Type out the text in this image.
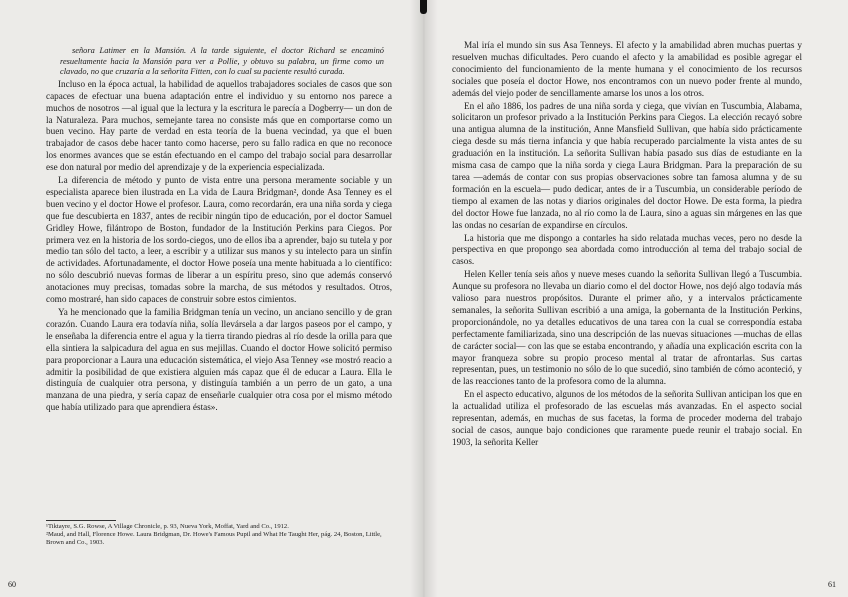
señora Latimer en la Mansión. A la tarde siguiente, el doctor Richard se encaminó resueltamente hacia la Mansión para ver a Pollie, y obtuvo su palabra, un firme como un clavado, no que cruzaría a la señorita Fitten, con lo cual su paciente resultó curada.

Incluso en la época actual, la habilidad de aquellos trabajadores sociales de casos que son capaces de efectuar una buena adaptación entre el individuo y su entorno nos parece a muchos de nosotros —al igual que la lectura y la escritura le parecía a Dogberry— un don de la Naturaleza. Para muchos, semejante tarea no consiste más que en comportarse como un buen vecino. Hay parte de verdad en esta teoría de la buena vecindad, ya que el buen trabajador de casos debe hacer tanto como hacerse, pero su fallo radica en que no reconoce los enormes avances que se están efectuando en el campo del trabajo social para desarrollar ese don natural por medio del aprendizaje y de la experiencia especializada.

La diferencia de método y punto de vista entre una persona meramente sociable y un especialista aparece bien ilustrada en La vida de Laura Bridgman², donde Asa Tenney es el buen vecino y el doctor Howe el profesor. Laura, como recordarán, era una niña sorda y ciega que fue descubierta en 1837, antes de recibir ningún tipo de educación, por el doctor Samuel Gridley Howe, filántropo de Boston, fundador de la Institución Perkins para Ciegos. Por primera vez en la historia de los sordo-ciegos, uno de ellos iba a aprender, bajo su tutela y por medio tan sólo del tacto, a leer, a escribir y a utilizar sus manos y su intelecto para un sinfín de actividades. Afortunadamente, el doctor Howe poseía una mente habituada a lo científico: no sólo descubrió nuevas formas de liberar a un espíritu preso, sino que además conservó anotaciones muy precisas, tomadas sobre la marcha, de sus métodos y resultados. Otros, como mostraré, han sido capaces de construir sobre estos cimientos.

Ya he mencionado que la familia Bridgman tenía un vecino, un anciano sencillo y de gran corazón. Cuando Laura era todavía niña, solía llevársela a dar largos paseos por el campo, y le enseñaba la diferencia entre el agua y la tierra tirando piedras al río desde la orilla para que ella sintiera la salpicadura del agua en sus mejillas. Cuando el doctor Howe solicitó permiso para proporcionar a Laura una educación sistemática, el viejo Asa Tenney «se mostró reacio a admitir la posibilidad de que existiera alguien más capaz que él de educar a Laura. Ella le distinguía de cualquier otra persona, y distinguía también a un perro de un gato, a una manzana de una piedra, y sería capaz de enseñarle cualquier otra cosa por el mismo método que había utilizado para que aprendiera éstas».

¹Tiktayre, S.G. Rowse, A Village Chronicle, p. 93, Nueva York, Moffat, Yard and Co., 1912.

²Maud, and Hall, Florence Howe. Laura Bridgman, Dr. Howe's Famous Pupil and What He Taught Her, pág. 24, Boston, Little, Brown and Co., 1903.

60

Mal iría el mundo sin sus Asa Tenneys. El afecto y la amabilidad abren muchas puertas y resuelven muchas dificultades. Pero cuando el afecto y la amabilidad es posible agregar el conocimiento del funcionamiento de la mente humana y el conocimiento de los recursos sociales que poseía el doctor Howe, nos encontramos con un nuevo poder frente al mundo, además del viejo poder de sencillamente amarse los unos a los otros.

En el año 1886, los padres de una niña sorda y ciega, que vivían en Tuscumbia, Alabama, solicitaron un profesor privado a la Institución Perkins para Ciegos. La elección recayó sobre una antigua alumna de la institución, Anne Mansfield Sullivan, que había sido prácticamente ciega desde su más tierna infancia y que había recuperado parcialmente la vista antes de su graduación en la institución. La señorita Sullivan había pasado sus días de estudiante en la misma casa de campo que la niña sorda y ciega Laura Bridgman. Para la preparación de su tarea —además de contar con sus propias observaciones sobre tan famosa alumna y de su formación en la escuela— pudo dedicar, antes de ir a Tuscumbia, un considerable período de tiempo al examen de las notas y diarios originales del doctor Howe. De esta forma, la piedra del doctor Howe fue lanzada, no al río como la de Laura, sino a aguas sin márgenes en las que las ondas no cesarían de expandirse en círculos.

La historia que me dispongo a contarles ha sido relatada muchas veces, pero no desde la perspectiva en que propongo sea abordada como introducción al tema del trabajo social de casos.

Helen Keller tenía seis años y nueve meses cuando la señorita Sullivan llegó a Tuscumbia. Aunque su profesora no llevaba un diario como el del doctor Howe, nos dejó algo todavía más valioso para nuestros propósitos. Durante el primer año, y a intervalos prácticamente semanales, la señorita Sullivan escribió a una amiga, la gobernanta de la Institución Perkins, proporcionándole, no ya detalles educativos de una tarea con la cual se correspondía estaba perfectamente familiarizada, sino una descripción de las nuevas situaciones —muchas de ellas de carácter social— con las que se estaba encontrando, y añadía una explicación escrita con la mayor franqueza sobre su propio proceso mental al tratar de afrontarlas. Sus cartas representan, pues, un testimonio no sólo de lo que sucedió, sino también de cómo aconteció, y de las reacciones tanto de la profesora como de la alumna.

En el aspecto educativo, algunos de los métodos de la señorita Sullivan anticipan los que en la actualidad utiliza el profesorado de las escuelas más avanzadas. En el aspecto social representan, además, en muchas de sus facetas, la forma de proceder moderna del trabajo social de casos, aunque bajo condiciones que raramente puede reunir el trabajo social. En 1903, la señorita Keller

61
